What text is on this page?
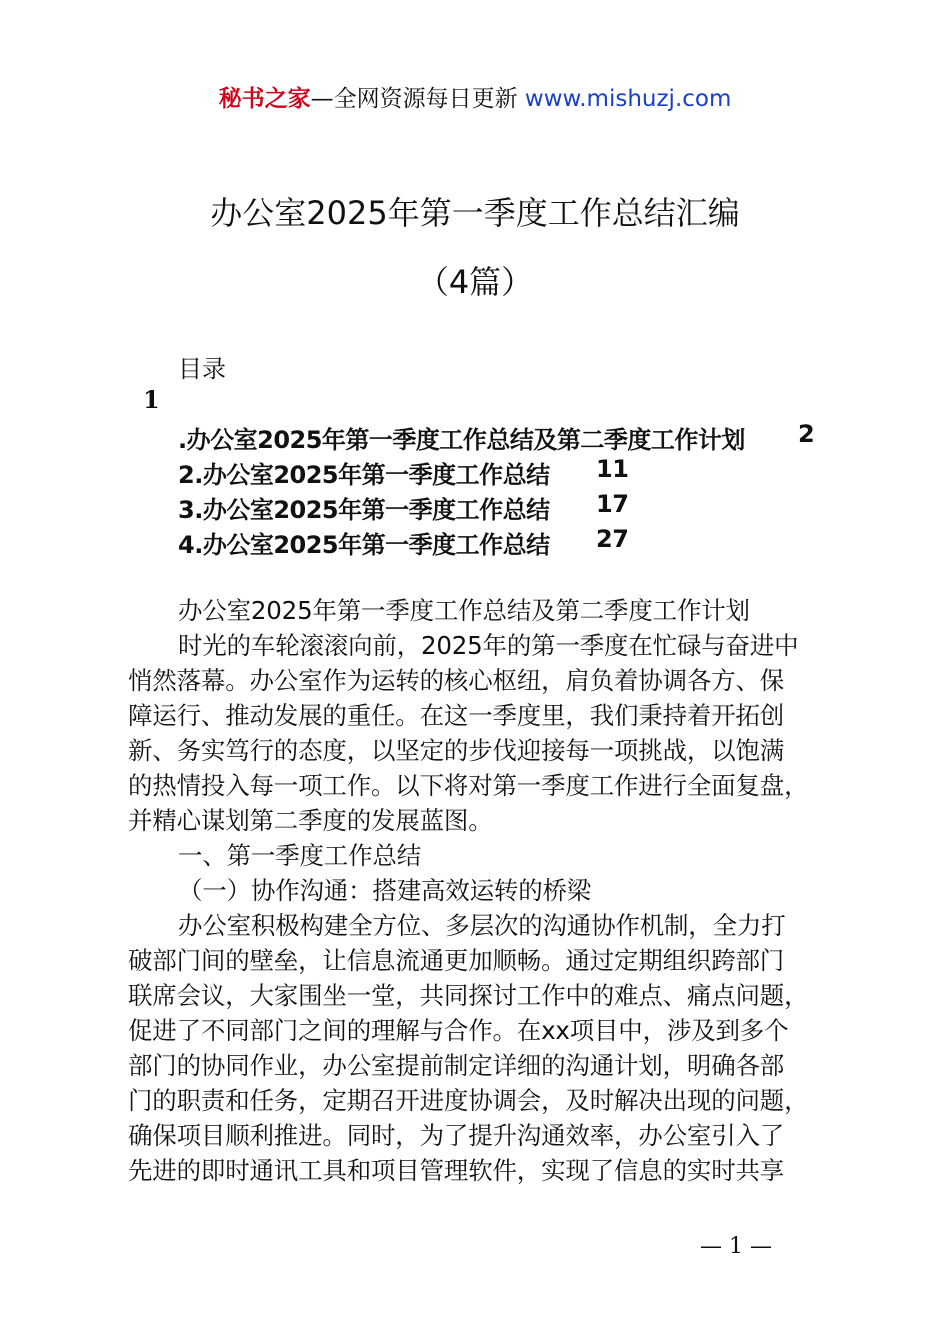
秘书之家—全网资源每日更新 www.mishuzj.com
办公室2025年第一季度工作总结汇编
（4篇）
目录
1
.办公室2025年第一季度工作总结及第二季度工作计划 2
2.办公室2025年第一季度工作总结 11
3.办公室2025年第一季度工作总结 17
4.办公室2025年第一季度工作总结 27
办公室2025年第一季度工作总结及第二季度工作计划
时光的车轮滚滚向前，2025年的第一季度在忙碌与奋进中
悄然落幕。办公室作为运转的核心枢纽，肩负着协调各方、保
障运行、推动发展的重任。在这一季度里，我们秉持着开拓创
新、务实笃行的态度，以坚定的步伐迎接每一项挑战，以饱满
的热情投入每一项工作。以下将对第一季度工作进行全面复盘，
并精心谋划第二季度的发展蓝图。
一、第一季度工作总结
（一）协作沟通：搭建高效运转的桥梁
办公室积极构建全方位、多层次的沟通协作机制，全力打
破部门间的壁垒，让信息流通更加顺畅。通过定期组织跨部门
联席会议，大家围坐一堂，共同探讨工作中的难点、痛点问题，
促进了不同部门之间的理解与合作。在xx项目中，涉及到多个
部门的协同作业，办公室提前制定详细的沟通计划，明确各部
门的职责和任务，定期召开进度协调会，及时解决出现的问题，
确保项目顺利推进。同时，为了提升沟通效率，办公室引入了
先进的即时通讯工具和项目管理软件，实现了信息的实时共享
— 1 —
